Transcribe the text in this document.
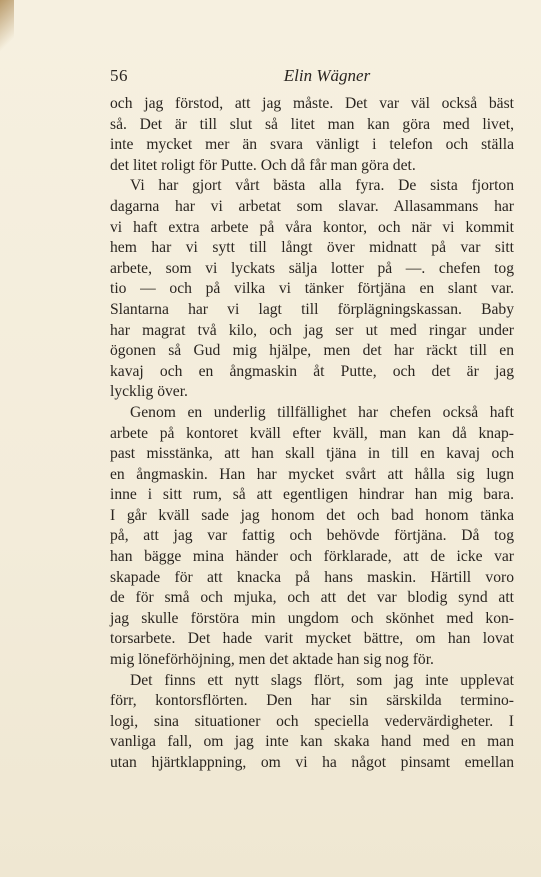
56	Elin Wägner
och jag förstod, att jag måste. Det var väl också bäst
så. Det är till slut så litet man kan göra med livet,
inte mycket mer än svara vänligt i telefon och ställa
det litet roligt för Putte. Och då får man göra det.
Vi har gjort vårt bästa alla fyra. De sista fjorton
dagarna har vi arbetat som slavar. Allasammans har
vi haft extra arbete på våra kontor, och när vi kommit
hem har vi sytt till långt över midnatt på var sitt
arbete, som vi lyckats sälja lotter på —. chefen tog
tio — och på vilka vi tänker förtjäna en slant var.
Slantarna har vi lagt till förplägningskassan. Baby
har magrat två kilo, och jag ser ut med ringar under
ögonen så Gud mig hjälpe, men det har räckt till en
kavaj och en ångmaskin åt Putte, och det är jag
lycklig över.
Genom en underlig tillfällighet har chefen också haft
arbete på kontoret kväll efter kväll, man kan då knap-
past misstänka, att han skall tjäna in till en kavaj och
en ångmaskin. Han har mycket svårt att hålla sig lugn
inne i sitt rum, så att egentligen hindrar han mig bara.
I går kväll sade jag honom det och bad honom tänka
på, att jag var fattig och behövde förtjäna. Då tog
han bägge mina händer och förklarade, att de icke var
skapade för att knacka på hans maskin. Härtill voro
de för små och mjuka, och att det var blodig synd att
jag skulle förstöra min ungdom och skönhet med kon-
torsarbete. Det hade varit mycket bättre, om han lovat
mig löneförhöjning, men det aktade han sig nog för.
Det finns ett nytt slags flört, som jag inte upplevat
förr, kontorsflörten. Den har sin särskilda termino-
logi, sina situationer och speciella vedervärdigheter. I
vanliga fall, om jag inte kan skaka hand med en man
utan hjärtklappning, om vi ha något pinsamt emellan
